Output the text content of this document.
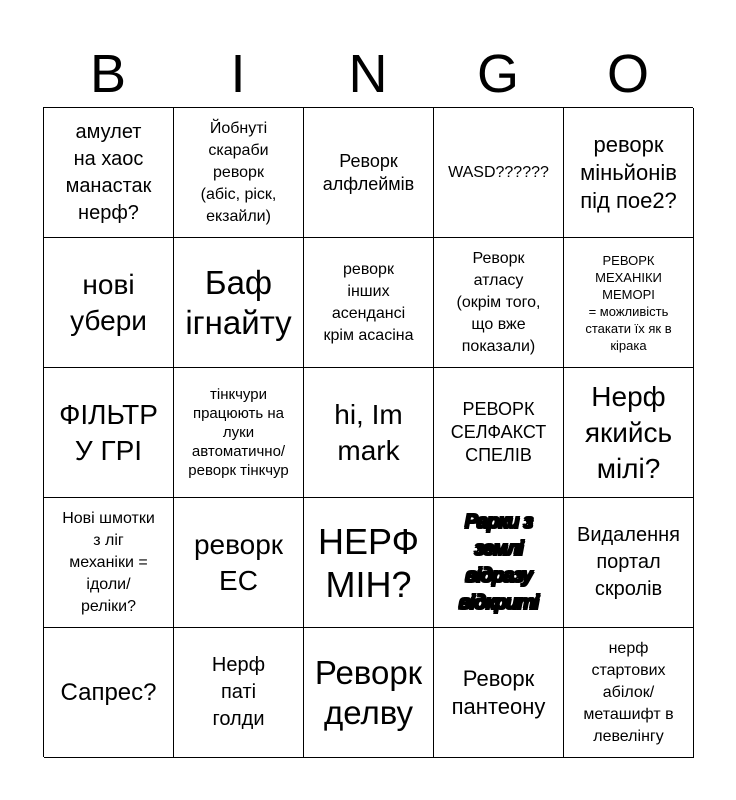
B	I	N	G	O
амулет
на хаос
манастак
нерф?
Йобнуті
скараби
реворк
(абіс, ріск,
екзайли)
Реворк
алфлеймів
WASD??????
реворк
міньйонів
під пое2?
нові
убери
Баф
ігнайту
реворк
інших
асендансі
крім асасіна
Реворк
атласу
(окрім того,
що вже
показали)
РЕВОРК
МЕХАНІКИ
МЕМОРІ
= можливість
стакати їх як в
кірака
ФІЛЬТР
У ГРІ
тінкчури
працюють на
луки
автоматично/
реворк тінкчур
hi, Im
mark
РЕВОРК
СЕЛФАКСТ
СПЕЛІВ
Нерф
якийсь
мілі?
Нові шмотки
з ліг
механіки =
ідоли/
реліки?
реворк
ЕС
НЕРФ
МІН?
Рарки з
землі
відразу
відкриті
Видалення
портал
скролів
Сапрес?
Нерф
паті
голди
Реворк
делву
Реворк
пантеону
нерф
стартових
абілок/
меташифт в
левелінгу
